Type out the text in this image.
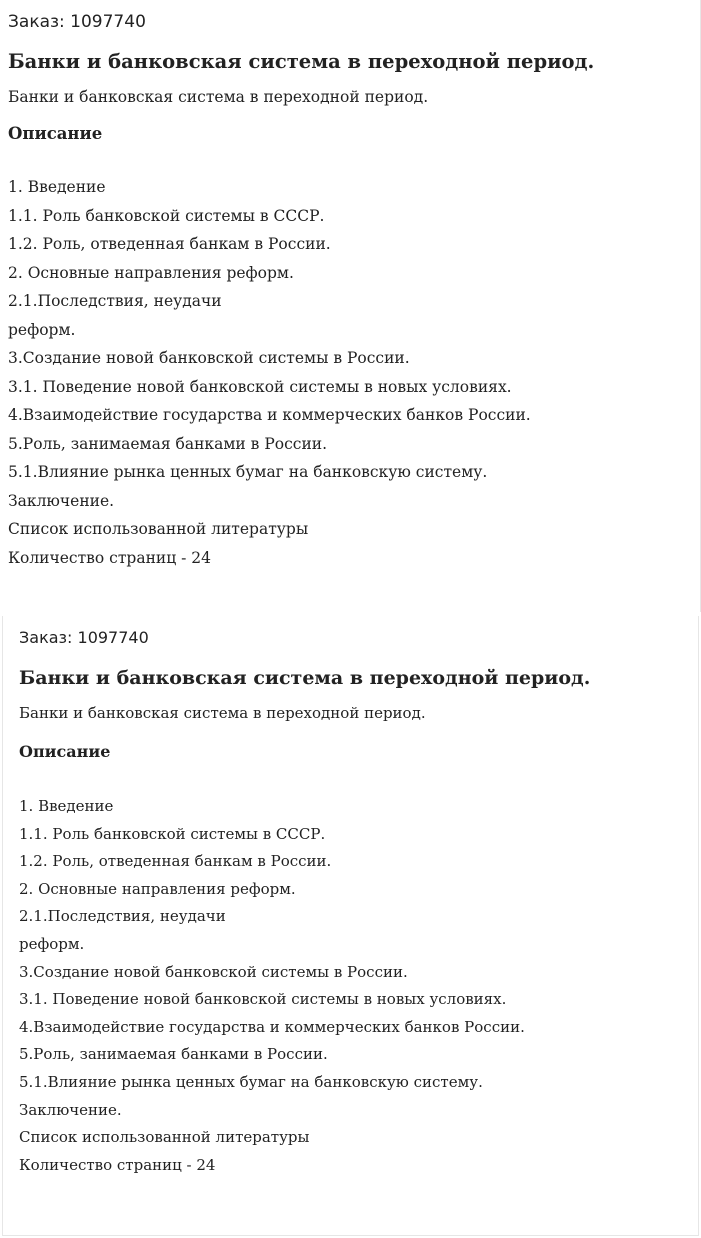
Заказ: 1097740

Банки и банковская система в переходной период.

Банки и банковская система в переходной период.

Описание
1. Введение
1.1. Роль банковской системы в СССР.
1.2. Роль, отведенная банкам в России.
2. Основные направления реформ.
2.1.Последствия, неудачи
реформ.
3.Создание новой банковской системы в России.
3.1. Поведение новой банковской системы в новых условиях.
4.Взаимодействие государства и коммерческих банков России.
5.Роль, занимаемая банками в России.
5.1.Влияние рынка ценных бумаг на банковскую систему.
Заключение.
Список использованной литературы
Количество страниц - 24

Заказ: 1097740

Банки и банковская система в переходной период.

Банки и банковская система в переходной период.

Описание
1. Введение
1.1. Роль банковской системы в СССР.
1.2. Роль, отведенная банкам в России.
2. Основные направления реформ.
2.1.Последствия, неудачи
реформ.
3.Создание новой банковской системы в России.
3.1. Поведение новой банковской системы в новых условиях.
4.Взаимодействие государства и коммерческих банков России.
5.Роль, занимаемая банками в России.
5.1.Влияние рынка ценных бумаг на банковскую систему.
Заключение.
Список использованной литературы
Количество страниц - 24
